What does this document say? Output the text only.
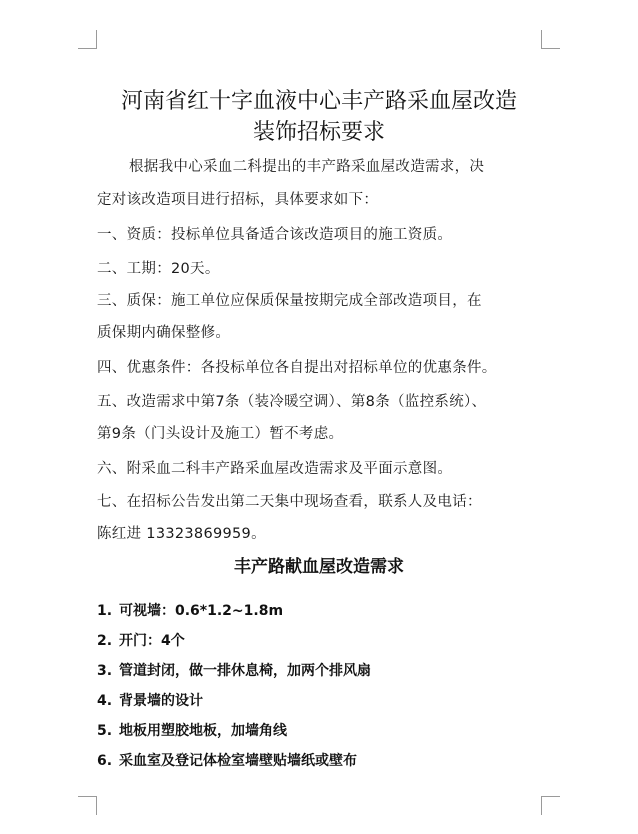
河南省红十字血液中心丰产路采血屋改造
装饰招标要求
根据我中心采血二科提出的丰产路采血屋改造需求，决
定对该改造项目进行招标，具体要求如下：
一、资质：投标单位具备适合该改造项目的施工资质。
二、工期：20天。
三、质保：施工单位应保质保量按期完成全部改造项目，在
质保期内确保整修。
四、优惠条件：各投标单位各自提出对招标单位的优惠条件。
五、改造需求中第7条（装冷暖空调）、第8条（监控系统）、
第9条（门头设计及施工）暂不考虑。
六、附采血二科丰产路采血屋改造需求及平面示意图。
七、在招标公告发出第二天集中现场查看，联系人及电话：
陈红进 13323869959。
丰产路献血屋改造需求
1. 可视墙：0.6*1.2~1.8m
2. 开门：4个
3. 管道封闭，做一排休息椅，加两个排风扇
4. 背景墙的设计
5. 地板用塑胶地板，加墙角线
6. 采血室及登记体检室墙壁贴墙纸或壁布
